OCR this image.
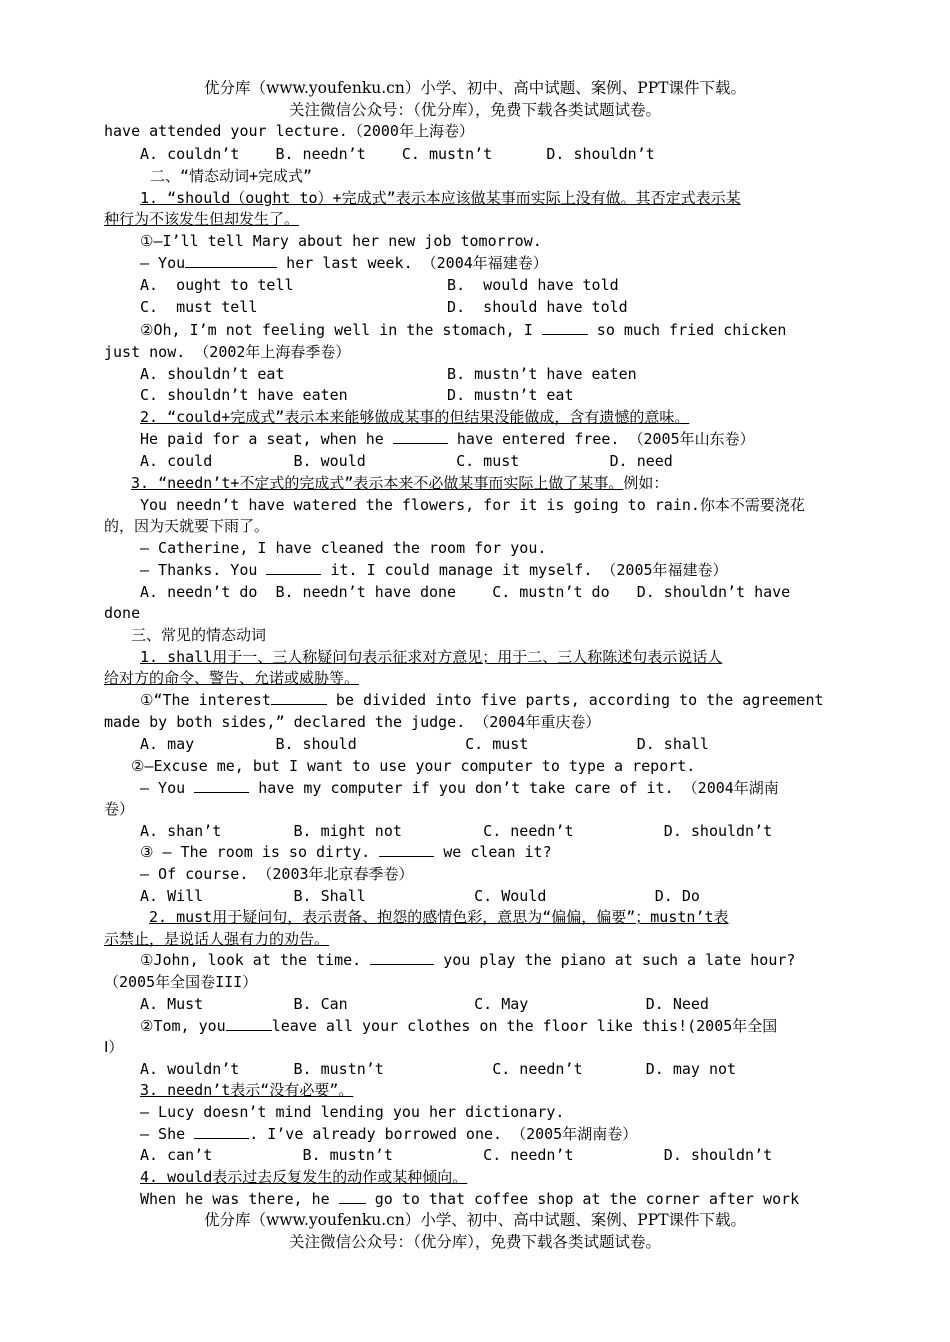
优分库（www.youfenku.cn）小学、初中、高中试题、案例、PPT课件下载。
关注微信公众号：（优分库），免费下载各类试题试卷。
have attended your lecture.（2000年上海卷）
A. couldn’t    B. needn’t    C. mustn’t      D. shouldn’t
二、“情态动词+完成式”
1. “should（ought to）+完成式”表示本应该做某事而实际上没有做。其否定式表示某
种行为不该发生但却发生了。
①—I’ll tell Mary about her new job tomorrow.
— You	her last week. （2004年福建卷）
A.  ought to tell                 B.  would have told
C.  must tell                     D.  should have told
②Oh, I’m not feeling well in the stomach, I	so much fried chicken
just now. （2002年上海春季卷）
A. shouldn’t eat                  B. mustn’t have eaten
C. shouldn’t have eaten           D. mustn’t eat
2. “could+完成式”表示本来能够做成某事的但结果没能做成，含有遗憾的意味。
He paid for a seat, when he	have entered free. （2005年山东卷）
A. could         B. would          C. must          D. need
3. “needn’t+不定式的完成式”表示本来不必做某事而实际上做了某事。例如：
You needn’t have watered the flowers, for it is going to rain.你本不需要浇花
的，因为天就要下雨了。
— Catherine, I have cleaned the room for you.
— Thanks. You	it. I could manage it myself. （2005年福建卷）
A. needn’t do  B. needn’t have done    C. mustn’t do   D. shouldn’t have
done
三、常见的情态动词
1. shall用于一、三人称疑问句表示征求对方意见；用于二、三人称陈述句表示说话人
给对方的命令、警告、允诺或威胁等。
①“The interest	be divided into five parts, according to the agreement
made by both sides,” declared the judge. （2004年重庆卷）
A. may         B. should            C. must            D. shall
②—Excuse me, but I want to use your computer to type a report.
— You	have my computer if you don’t take care of it. （2004年湖南
卷）
A. shan’t        B. might not         C. needn’t          D. shouldn’t
③ — The room is so dirty.	we clean it?
— Of course. （2003年北京春季卷）
A. Will          B. Shall            C. Would            D. Do
2. must用于疑问句，表示责备、抱怨的感情色彩，意思为“偏偏，偏要”；mustn’t表
示禁止，是说话人强有力的劝告。
①John, look at the time.	you play the piano at such a late hour?
（2005年全国卷III）
A. Must          B. Can              C. May             D. Need
②Tom, you	leave all your clothes on the floor like this!(2005年全国
Ⅰ）
A. wouldn’t      B. mustn’t            C. needn’t       D. may not
3. needn’t表示“没有必要”。
— Lucy doesn’t mind lending you her dictionary.
— She	. I’ve already borrowed one. （2005年湖南卷）
A. can’t          B. mustn’t          C. needn’t          D. shouldn’t
4. would表示过去反复发生的动作或某种倾向。
When he was there, he  go to that coffee shop at the corner after work
优分库（www.youfenku.cn）小学、初中、高中试题、案例、PPT课件下载。
关注微信公众号：（优分库），免费下载各类试题试卷。
